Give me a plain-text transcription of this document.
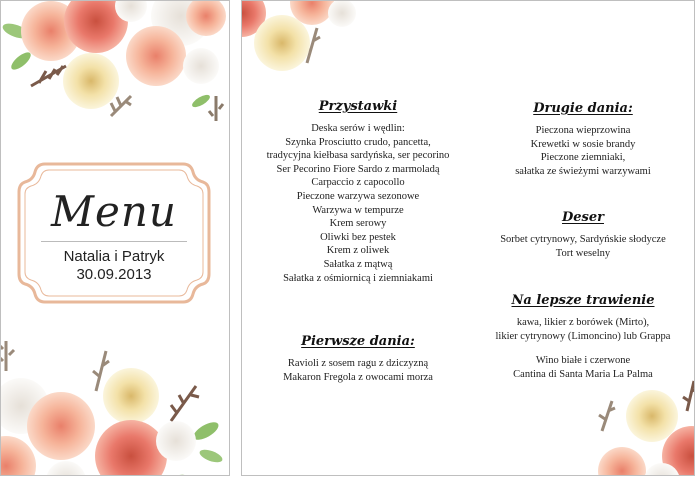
Menu
Natalia i Patryk
30.09.2013
Przystawki
Deska serów i wędlin:
Szynka Prosciutto crudo, pancetta,
tradycyjna kiełbasa sardyńska, ser pecorino
Ser Pecorino Fiore Sardo z marmoladą
Carpaccio z capocollo
Pieczone warzywa sezonowe
Warzywa w tempurze
Krem serowy
Oliwki bez pestek
Krem z oliwek
Sałatka z mątwą
Sałatka z ośmiornicą i ziemniakami
Pierwsze dania:
Ravioli z sosem ragu z dziczyzną
Makaron Fregola z owocami morza
Drugie dania:
Pieczona wieprzowina
Krewetki w sosie brandy
Pieczone ziemniaki,
sałatka ze świeżymi warzywami
Deser
Sorbet cytrynowy, Sardyńskie słodycze
Tort weselny
Na lepsze trawienie
kawa, likier z borówek (Mirto),
likier cytrynowy (Limoncino) lub Grappa
Wino białe i czerwone
Cantina di Santa Maria La Palma
